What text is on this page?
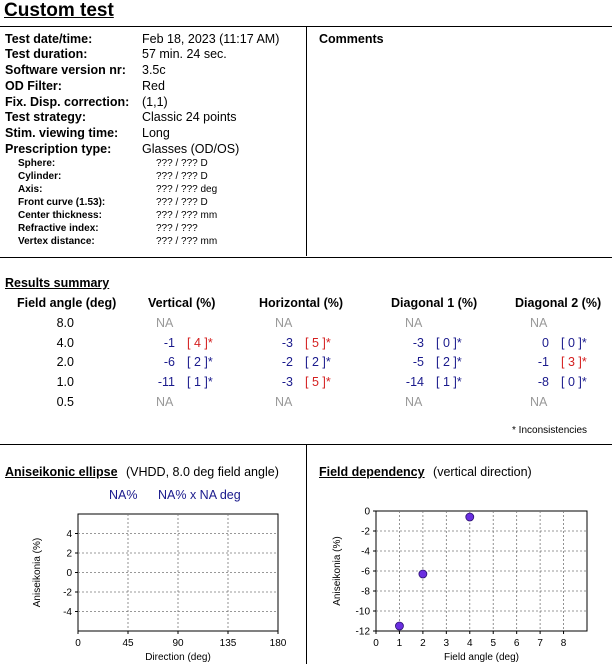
Custom test
Test date/time:	Feb 18, 2023 (11:17 AM)
Test duration:	57 min. 24 sec.
Software version nr: 3.5c
OD Filter:	Red
Fix. Disp. correction: (1,1)
Test strategy:	Classic 24 points
Stim. viewing time: Long
Prescription type: Glasses (OD/OS)
Sphere:	??? / ??? D
Cylinder:	??? / ??? D
Axis:	??? / ??? deg
Front curve (1.53):	??? / ??? D
Center thickness:	??? / ??? mm
Refractive index:	??? / ???
Vertex distance:	??? / ??? mm
Comments
Results summary
Field angle (deg)	Vertical (%)	Horizontal (%)	Diagonal 1 (%)	Diagonal 2 (%)
8.0	NA	NA	NA	NA
4.0	-1 [ 4 ]*	-3 [ 5 ]*	-3 [ 0 ]*	0 [ 0 ]*
2.0	-6 [ 2 ]*	-2 [ 2 ]*	-5 [ 2 ]*	-1 [ 3 ]*
1.0	-11 [ 1 ]*	-3 [ 5 ]*	-14 [ 1 ]*	-8 [ 0 ]*
0.5	NA	NA	NA	NA
* Inconsistencies
Aniseikonic ellipse (VHDD, 8.0 deg field angle)
NA% NA% x NA deg
Field dependency (vertical direction)
0	45	90	135	180
4
2
0
-2
-4
Direction (deg)
Aniseikonia (%)
0 1 2 3 4 5 6 7 8
0
-2
-4
-6
-8
-10
-12
Field angle (deg)
Aniseikonia (%)
